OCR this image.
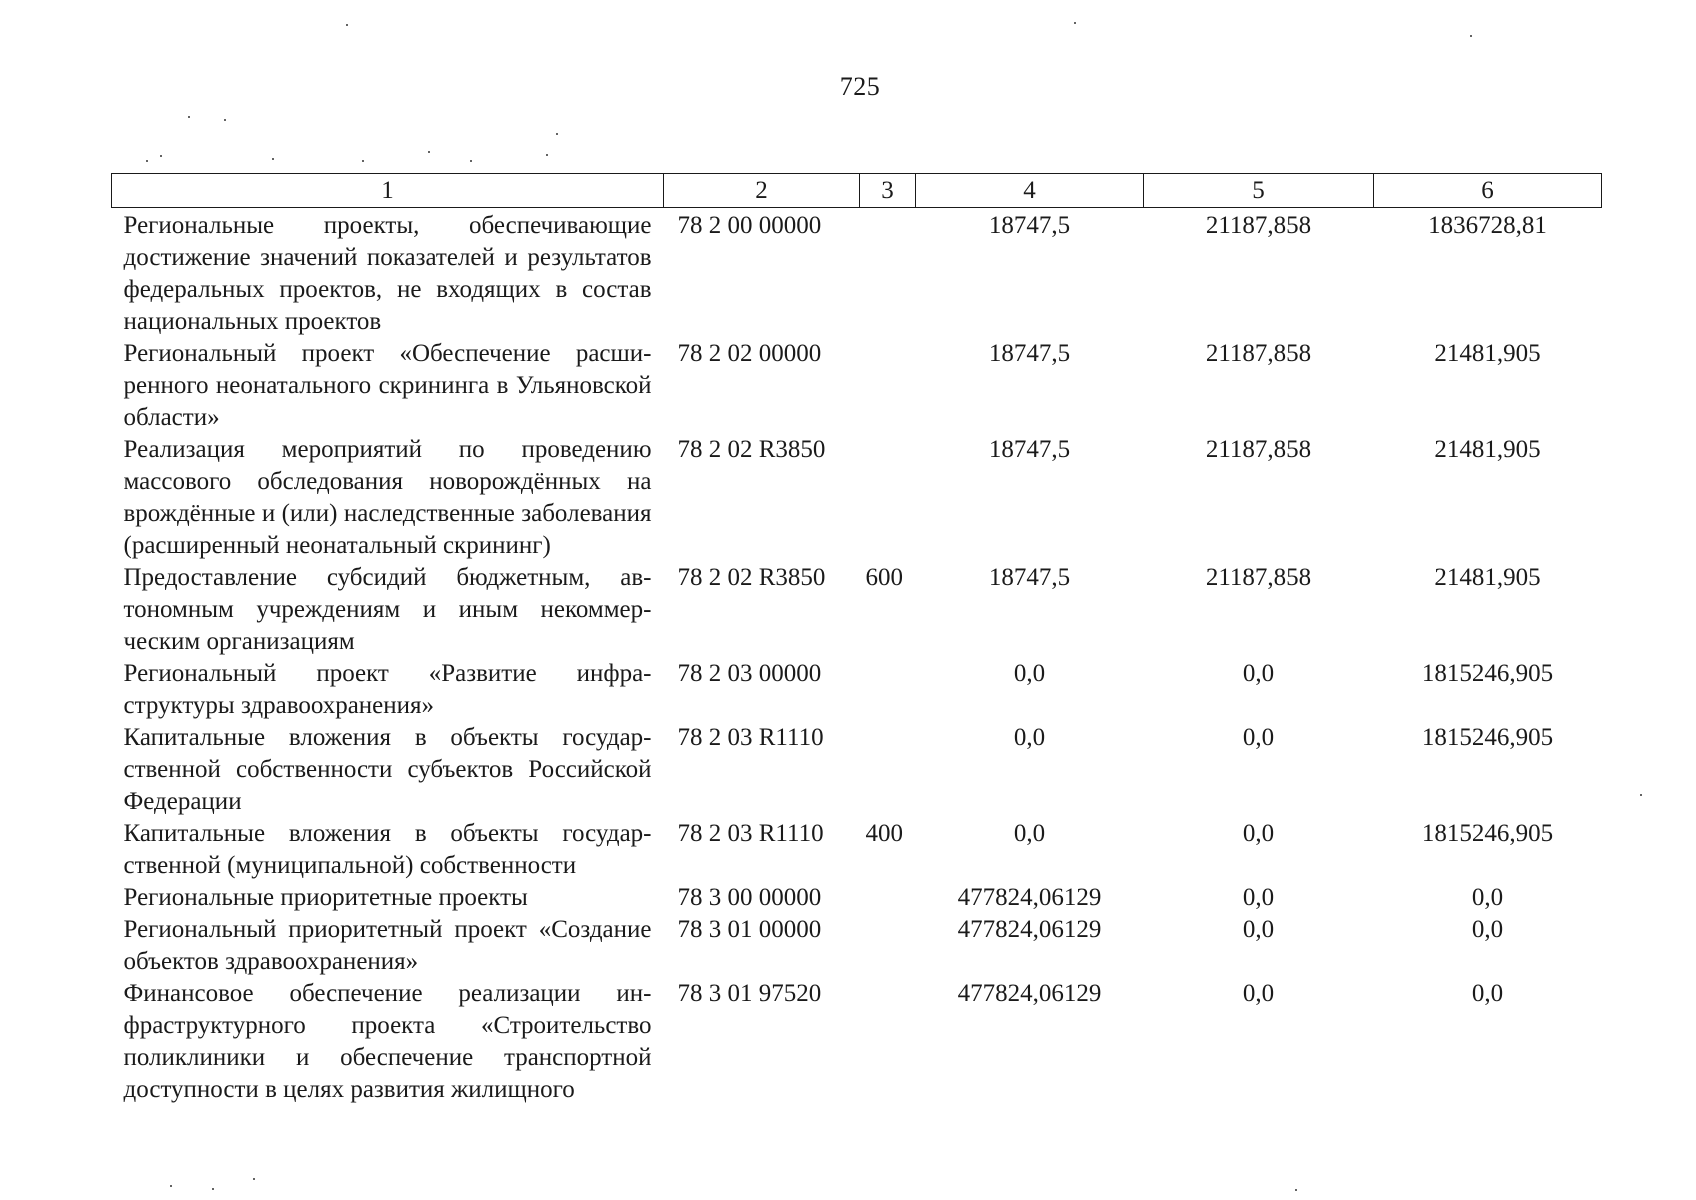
725
1	2	3	4	5	6
Региональные проекты, обеспечивающие достижение значений показателей и результатов федеральных проектов, не входящих в состав национальных проектов	78 2 00 00000		18747,5	21187,858	1836728,81
Региональный проект «Обеспечение расширенного неонатального скрининга в Ульяновской области»	78 2 02 00000		18747,5	21187,858	21481,905
Реализация мероприятий по проведению массового обследования новорождённых на врождённые и (или) наследственные заболевания (расширенный неонатальный скрининг)	78 2 02 R3850		18747,5	21187,858	21481,905
Предоставление субсидий бюджетным, автономным учреждениям и иным некоммерческим организациям	78 2 02 R3850	600	18747,5	21187,858	21481,905
Региональный проект «Развитие инфраструктуры здравоохранения»	78 2 03 00000		0,0	0,0	1815246,905
Капитальные вложения в объекты государственной собственности субъектов Российской Федерации	78 2 03 R1110		0,0	0,0	1815246,905
Капитальные вложения в объекты государственной (муниципальной) собственности	78 2 03 R1110	400	0,0	0,0	1815246,905
Региональные приоритетные проекты	78 3 00 00000		477824,06129	0,0	0,0
Региональный приоритетный проект «Создание объектов здравоохранения»	78 3 01 00000		477824,06129	0,0	0,0
Финансовое обеспечение реализации инфраструктурного проекта «Строительство поликлиники и обеспечение транспортной доступности в целях развития жилищного	78 3 01 97520		477824,06129	0,0	0,0
